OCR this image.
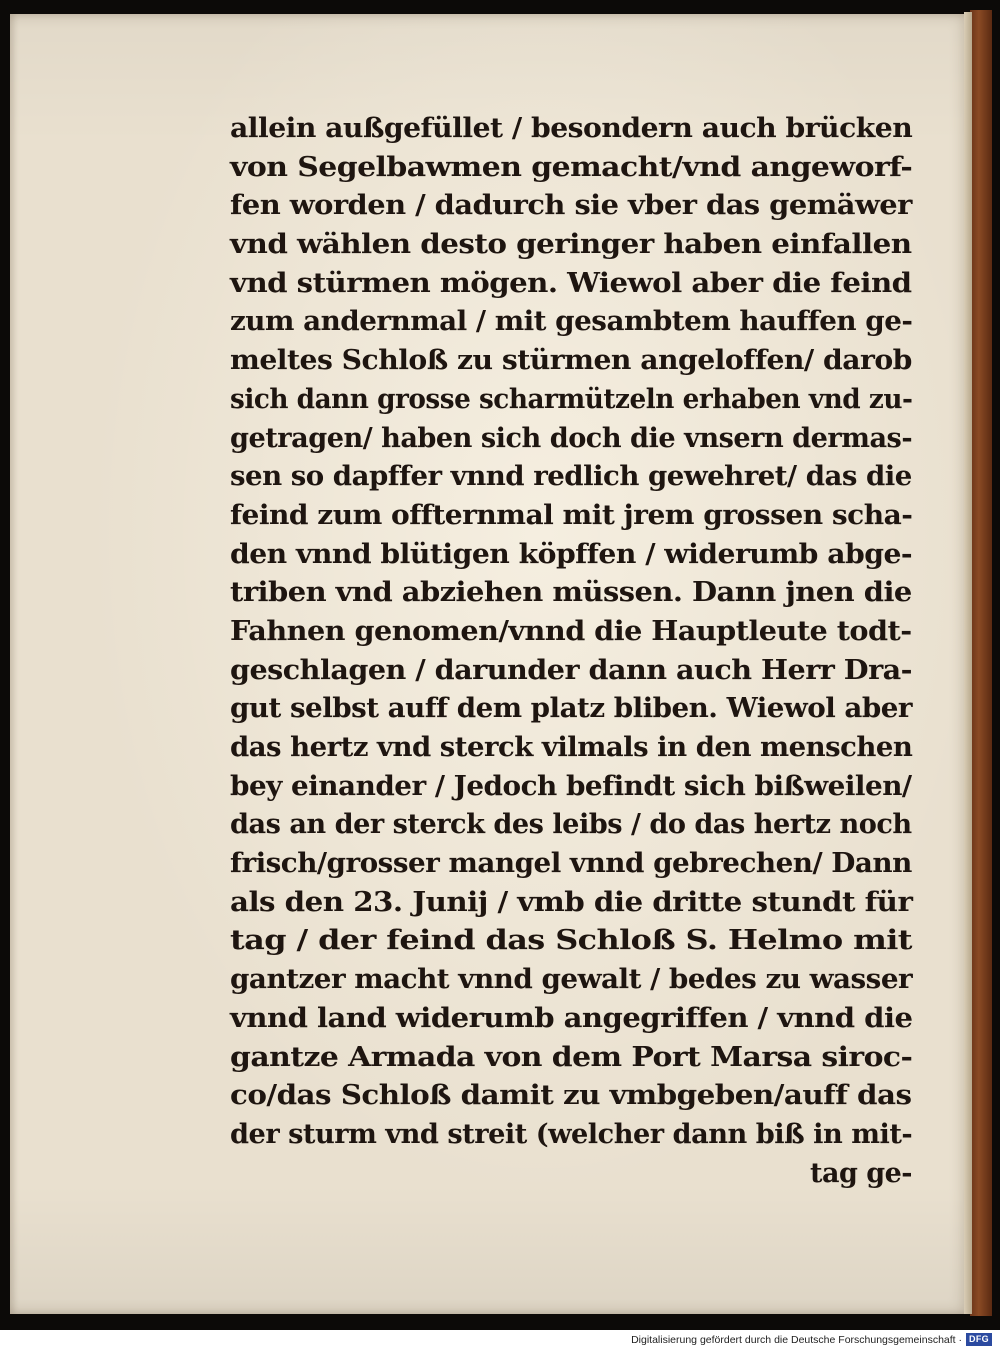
allein außgefüllet / besondern auch brücken
von Segelbawmen gemacht/vnd angeworf-
fen worden / dadurch sie vber das gemäwer
vnd wählen desto geringer haben einfallen
vnd stürmen mögen. Wiewol aber die feind
zum andernmal / mit gesambtem hauffen ge-
meltes Schloß zu stürmen angeloffen/ darob
sich dann grosse scharmützeln erhaben vnd zu-
getragen/ haben sich doch die vnsern dermas-
sen so dapffer vnnd redlich gewehret/ das die
feind zum offternmal mit jrem grossen scha-
den vnnd blütigen köpffen / widerumb abge-
triben vnd abziehen müssen. Dann jnen die
Fahnen genomen/vnnd die Hauptleute todt-
geschlagen / darunder dann auch Herr Dra-
gut selbst auff dem platz bliben. Wiewol aber
das hertz vnd sterck vilmals in den menschen
bey einander / Jedoch befindt sich bißweilen/
das an der sterck des leibs / do das hertz noch
frisch/grosser mangel vnnd gebrechen/ Dann
als den 23. Junij / vmb die dritte stundt für
tag / der feind das Schloß S. Helmo mit
gantzer macht vnnd gewalt / bedes zu wasser
vnnd land widerumb angegriffen / vnnd die
gantze Armada von dem Port Marsa siroc-
co/das Schloß damit zu vmbgeben/auff das
der sturm vnd streit (welcher dann biß in mit-
tag ge-
Digitalisierung gefördert durch die Deutsche Forschungsgemeinschaft · DFG
